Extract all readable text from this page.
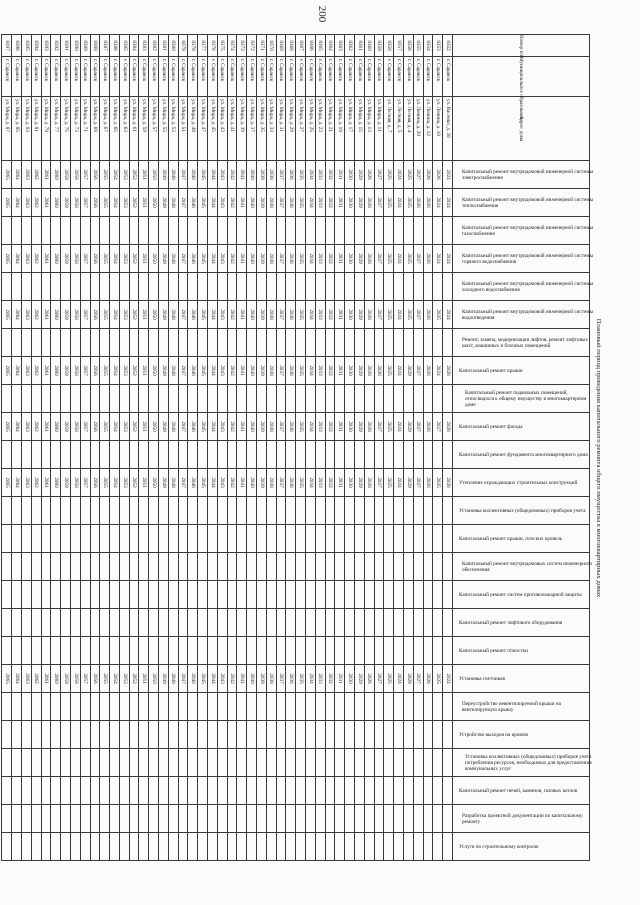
200
Плановый период проведения капитального ремонта общего имущества в многоквартирных домах
Номер п/п	Муниципальное образование	Адрес дома	Капитальный ремонт внутридомовой инженерной системы электроснабжения	Капитальный ремонт внутридомовой инженерной системы теплоснабжения	Капитальный ремонт внутридомовой инженерной системы газоснабжения	Капитальный ремонт внутридомовой инженерной системы горячего водоснабжения	Капитальный ремонт внутридомовой инженерной системы холодного водоснабжения	Капитальный ремонт внутридомовой инженерной системы водоотведения	Ремонт, замена, модернизация лифтов, ремонт лифтовых шахт, машинных и блочных помещений	Капитальный ремонт крыши	Капитальный ремонт подвальных помещений, относящихся к общему имуществу в многоквартирном доме	Капитальный ремонт фасада	Капитальный ремонт фундамента многоквартирного дома	Утепление ограждающих строительных конструкций	Установка коллективных (общедомовых) приборов учета	Капитальный ремонт крыши, плоских кровель	Капитальный ремонт внутридомовых систем инженерного обеспечения	Капитальный ремонт систем противопожарной защиты	Капитальный ремонт лифтового оборудования	Капитальный ремонт отмостки	Установка счетчиков	Переустройство невентилируемой крыши на вентилируемую крышу	Устройство выходов на кровлю	Установка коллективных (общедомовых) приборов учета потребления ресурсов, необходимых для предоставления коммунальных услуг	Капитальный ремонт печей, каминов, газовых котлов	Разработка проектной документации по капитальному ремонту	Услуги по строительному контролю

8352	г. Саранск	ул. Васенко, д. 30	2024	2024		2024		2024		2026		2026		2026							2024						
8353	г. Саранск	ул. Ленина, д. 10	2026	2024		2024		2025		2024		2027		2025							2025						
8354	г. Саранск	ул. Ленина, д. 12	2026	2026		2026		2026		2026		2026		2026							2026						
8355	г. Саранск	ул. Ленина, д. 20	2027	2026		2027		2027		2027		2027		2027							2027						
8356	г. Саранск	ул. Лесная, д. 4	2025	2025		2025		2025		2029		2029		2029							2029						
8357	г. Саранск	ул. Лесная, д. 5	2024	2024		2024		2024		2024		2024		2024							2024						
8358	г. Саранск	ул. Лесная, д. 7	2025	2025		2025		2025		2025		2025		2025							2025						
8359	г. Саранск	ул. Мира, д. 11	2027	2027		2027		2027		2026		2027		2027							2027						
8360	г. Саранск	ул. Мира, д. 13	2028	2028		2028		2028		2028		2028		2028							2028						
8361	г. Саранск	ул. Мира, д. 15	2029	2029		2029		2029		2029		2029		2029							2029						
8362	г. Саранск	ул. Мира, д. 17	2030	2030		2030		2030		2030		2030		2030							2030						
8363	г. Саранск	ул. Мира, д. 19	2031	2031		2031		2031		2031		2031		2031							2031						
8364	г. Саранск	ул. Мира, д. 21	2032	2032		2032		2032		2032		2032		2032							2032						
8365	г. Саранск	ул. Мира, д. 23	2033	2033		2033		2033		2033		2033		2033							2033						
8366	г. Саранск	ул. Мира, д. 25	2034	2034		2034		2034		2034		2034		2034							2034						
8367	г. Саранск	ул. Мира, д. 27	2035	2035		2035		2035		2035		2035		2035							2035						
8368	г. Саранск	ул. Мира, д. 29	2036	2036		2036		2036		2036		2036		2036							2036						
8369	г. Саранск	ул. Мира, д. 31	2037	2037		2037		2037		2037		2037		2037							2037						
8370	г. Саранск	ул. Мира, д. 33	2038	2038		2038		2038		2038		2038		2038							2038						
8371	г. Саранск	ул. Мира, д. 35	2039	2039		2039		2039		2039		2039		2039							2039						
8372	г. Саранск	ул. Мира, д. 37	2040	2040		2040		2040		2040		2040		2040							2040						
8373	г. Саранск	ул. Мира, д. 39	2041	2041		2041		2041		2041		2041		2041							2041						
8374	г. Саранск	ул. Мира, д. 41	2042	2042		2042		2042		2042		2042		2042							2042						
8375	г. Саранск	ул. Мира, д. 43	2043	2043		2043		2043		2043		2043		2043							2043						
8376	г. Саранск	ул. Мира, д. 45	2044	2044		2044		2044		2044		2044		2044							2044						
8377	г. Саранск	ул. Мира, д. 47	2045	2045		2045		2045		2045		2045		2045							2045						
8378	г. Саранск	ул. Мира, д. 49	2046	2046		2046		2046		2046		2046		2046							2046						
8379	г. Саранск	ул. Мира, д. 51	2047	2047		2047		2047		2047		2047		2047							2047						
8380	г. Саранск	ул. Мира, д. 53	2048	2048		2048		2048		2048		2048		2048							2048						
8381	г. Саранск	ул. Мира, д. 55	2049	2049		2049		2049		2049		2049		2049							2049						
8382	г. Саранск	ул. Мира, д. 57	2050	2050		2050		2050		2050		2050		2050							2050						
8383	г. Саранск	ул. Мира, д. 59	2051	2051		2051		2051		2051		2051		2051							2051						
8384	г. Саранск	ул. Мира, д. 61	2052	2052		2052		2052		2052		2052		2052							2052						
8385	г. Саранск	ул. Мира, д. 63	2053	2053		2053		2053		2053		2053		2053							2053						
8386	г. Саранск	ул. Мира, д. 65	2054	2054		2054		2054		2054		2054		2054							2054						
8387	г. Саранск	ул. Мира, д. 67	2055	2055		2055		2055		2055		2055		2055							2055						
8388	г. Саранск	ул. Мира, д. 69	2056	2056		2056		2056		2056		2056		2056							2056						
8389	г. Саранск	ул. Мира, д. 71	2057	2057		2057		2057		2057		2057		2057							2057						
8390	г. Саранск	ул. Мира, д. 73	2058	2058		2058		2058		2058		2058		2058							2058						
8391	г. Саранск	ул. Мира, д. 75	2059	2059		2059		2059		2059		2059		2059							2059						
8392	г. Саранск	ул. Мира, д. 77	2060	2060		2060		2060		2060		2060		2060							2060						
8393	г. Саранск	ул. Мира, д. 79	2061	2061		2061		2061		2061		2061		2061							2061						
8394	г. Саранск	ул. Мира, д. 81	2062	2062		2062		2062		2062		2062		2062							2062						
8395	г. Саранск	ул. Мира, д. 83	2063	2063		2063		2063		2063		2063		2063							2063						
8396	г. Саранск	ул. Мира, д. 85	2064	2064		2064		2064		2064		2064		2064							2064						
8397	г. Саранск	ул. Мира, д. 87	2065	2065		2065		2065		2065		2065		2065							2065						
